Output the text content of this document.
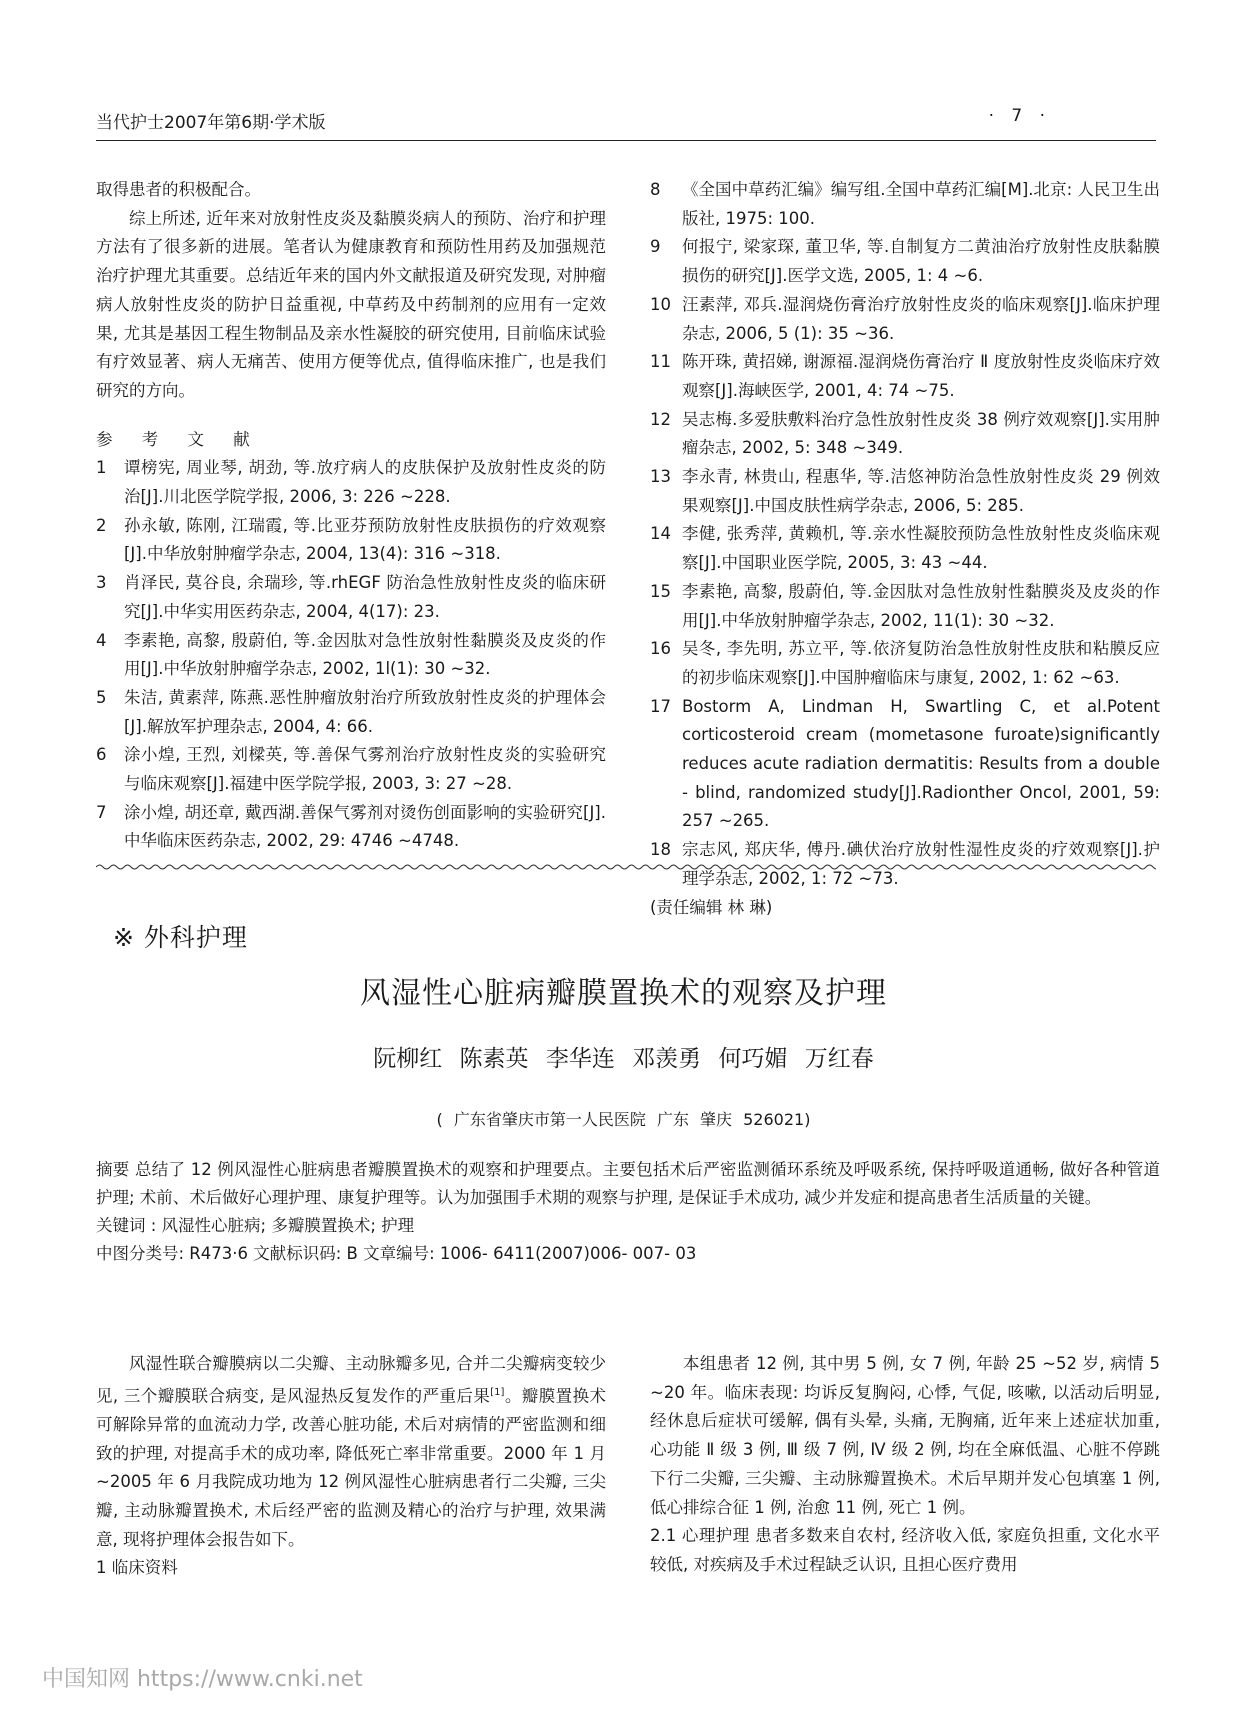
当代护士2007年第6期·学术版	· 7 ·

取得患者的积极配合。

综上所述, 近年来对放射性皮炎及黏膜炎病人的预防、治疗和护理方法有了很多新的进展。笔者认为健康教育和预防性用药及加强规范治疗护理尤其重要。总结近年来的国内外文献报道及研究发现, 对肿瘤病人放射性皮炎的防护日益重视, 中草药及中药制剂的应用有一定效果, 尤其是基因工程生物制品及亲水性凝胶的研究使用, 目前临床试验有疗效显著、病人无痛苦、使用方便等优点, 值得临床推广, 也是我们研究的方向。

参 考 文 献

1	谭榜宪, 周业琴, 胡劲, 等.放疗病人的皮肤保护及放射性皮炎的防治[J].川北医学院学报, 2006, 3: 226 ~228.
2	孙永敏, 陈刚, 江瑞霞, 等.比亚芬预防放射性皮肤损伤的疗效观察[J].中华放射肿瘤学杂志, 2004, 13(4): 316 ~318.
3	肖泽民, 莫谷良, 余瑞珍, 等.rhEGF 防治急性放射性皮炎的临床研究[J].中华实用医药杂志, 2004, 4(17): 23.
4	李素艳, 高黎, 殷蔚伯, 等.金因肽对急性放射性黏膜炎及皮炎的作用[J].中华放射肿瘤学杂志, 2002, 1l(1): 30 ~32.
5	朱洁, 黄素萍, 陈燕.恶性肿瘤放射治疗所致放射性皮炎的护理体会[J].解放军护理杂志, 2004, 4: 66.
6	涂小煌, 王烈, 刘樑英, 等.善保气雾剂治疗放射性皮炎的实验研究与临床观察[J].福建中医学院学报, 2003, 3: 27 ~28.
7	涂小煌, 胡还章, 戴西湖.善保气雾剂对烫伤创面影响的实验研究[J].中华临床医药杂志, 2002, 29: 4746 ~4748.
8	《全国中草药汇编》编写组.全国中草药汇编[M].北京: 人民卫生出版社, 1975: 100.
9	何报宁, 梁家琛, 董卫华, 等.自制复方二黄油治疗放射性皮肤黏膜损伤的研究[J].医学文选, 2005, 1: 4 ~6.
10 汪素萍, 邓兵.湿润烧伤膏治疗放射性皮炎的临床观察[J].临床护理杂志, 2006, 5 (1): 35 ~36.
11 陈开珠, 黄招娣, 谢源福.湿润烧伤膏治疗 Ⅱ 度放射性皮炎临床疗效观察[J].海峡医学, 2001, 4: 74 ~75.
12 吴志梅.多爱肤敷料治疗急性放射性皮炎 38 例疗效观察[J].实用肿瘤杂志, 2002, 5: 348 ~349.
13 李永青, 林贵山, 程惠华, 等.洁悠神防治急性放射性皮炎 29 例效果观察[J].中国皮肤性病学杂志, 2006, 5: 285.
14 李健, 张秀萍, 黄赖机, 等.亲水性凝胶预防急性放射性皮炎临床观察[J].中国职业医学院, 2005, 3: 43 ~44.
15 李素艳, 高黎, 殷蔚伯, 等.金因肽对急性放射性黏膜炎及皮炎的作用[J].中华放射肿瘤学杂志, 2002, 11(1): 30 ~32.
16 吴冬, 李先明, 苏立平, 等.依济复防治急性放射性皮肤和粘膜反应的初步临床观察[J].中国肿瘤临床与康复, 2002, 1: 62 ~63.
17 Bostorm A, Lindman H, Swartling C, et al.Potent corticosteroid cream (mometasone furoate)significantly reduces acute radiation dermatitis: Results from a double - blind, randomized study[J].Radionther Oncol, 2001, 59: 257 ~265.
18 宗志风, 郑庆华, 傅丹.碘伏治疗放射性湿性皮炎的疗效观察[J].护理学杂志, 2002, 1: 72 ~73.

(责任编辑 林 琳)

※ 外科护理
风湿性心脏病瓣膜置换术的观察及护理
阮柳红 陈素英 李华连 邓羡勇 何巧媚 万红春
( 广东省肇庆市第一人民医院 广东 肇庆 526021)

摘要 总结了 12 例风湿性心脏病患者瓣膜置换术的观察和护理要点。主要包括术后严密监测循环系统及呼吸系统, 保持呼吸道通畅, 做好各种管道护理; 术前、术后做好心理护理、康复护理等。认为加强围手术期的观察与护理, 是保证手术成功, 减少并发症和提高患者生活质量的关键。

关键词 : 风湿性心脏病; 多瓣膜置换术; 护理

中图分类号: R473·6 文献标识码: B 文章编号: 1006- 6411(2007)006- 007- 03

风湿性联合瓣膜病以二尖瓣、主动脉瓣多见, 合并二尖瓣病变较少见, 三个瓣膜联合病变, 是风湿热反复发作的严重后果[1]。瓣膜置换术可解除异常的血流动力学, 改善心脏功能, 术后对病情的严密监测和细致的护理, 对提高手术的成功率, 降低死亡率非常重要。2000 年 1 月 ~2005 年 6 月我院成功地为 12 例风湿性心脏病患者行二尖瓣, 三尖瓣, 主动脉瓣置换术, 术后经严密的监测及精心的治疗与护理, 效果满意, 现将护理体会报告如下。

1 临床资料

本组患者 12 例, 其中男 5 例, 女 7 例, 年龄 25 ~52 岁, 病情 5 ~20 年。临床表现: 均诉反复胸闷, 心悸, 气促, 咳嗽, 以活动后明显, 经休息后症状可缓解, 偶有头晕, 头痛, 无胸痛, 近年来上述症状加重, 心功能 Ⅱ 级 3 例, Ⅲ 级 7 例, Ⅳ 级 2 例, 均在全麻低温、心脏不停跳下行二尖瓣, 三尖瓣、主动脉瓣置换术。术后早期并发心包填塞 1 例, 低心排综合征 1 例, 治愈 11 例, 死亡 1 例。

2.1 心理护理 患者多数来自农村, 经济收入低, 家庭负担重, 文化水平较低, 对疾病及手术过程缺乏认识, 且担心医疗费用

中国知网 https://www.cnki.net
